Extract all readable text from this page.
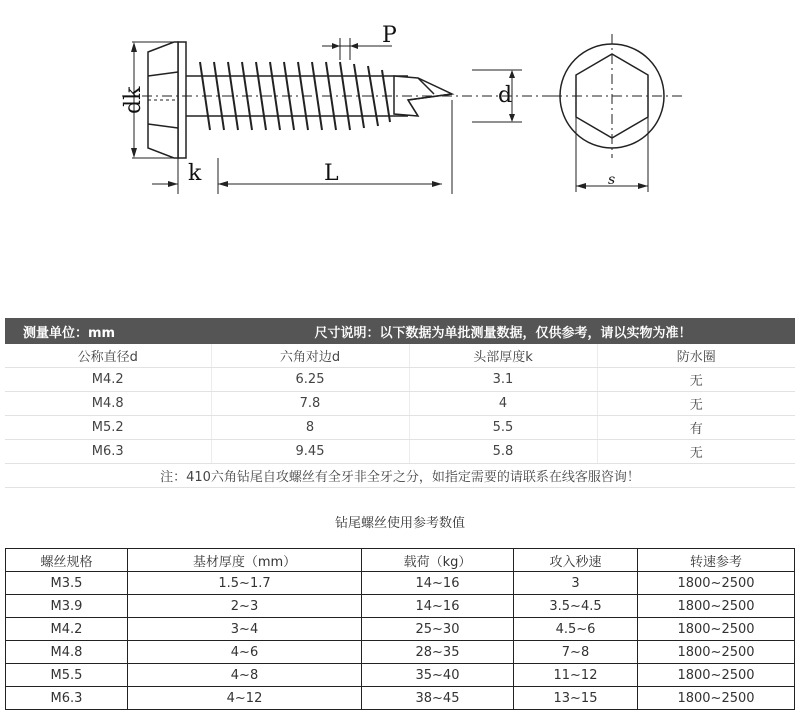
P
dk
k	L
d
s
测量单位：mm	尺寸说明：以下数据为单批测量数据，仅供参考，请以实物为准！		
公称直径d	六角对边d	头部厚度k	防水圈
M4.2	6.25	3.1	无
M4.8	7.8	4	无
M5.2	8	5.5	有
M6.3	9.45	5.8	无
注：410六角钻尾自攻螺丝有全牙非全牙之分，如指定需要的请联系在线客服咨询！			
钻尾螺丝使用参考数值
螺丝规格	基材厚度（mm）	载荷（kg）	攻入秒速	转速参考
M3.5	1.5~1.7	14~16	3	1800~2500
M3.9	2~3	14~16	3.5~4.5	1800~2500
M4.2	3~4	25~30	4.5~6	1800~2500
M4.8	4~6	28~35	7~8	1800~2500
M5.5	4~8	35~40	11~12	1800~2500
M6.3	4~12	38~45	13~15	1800~2500
